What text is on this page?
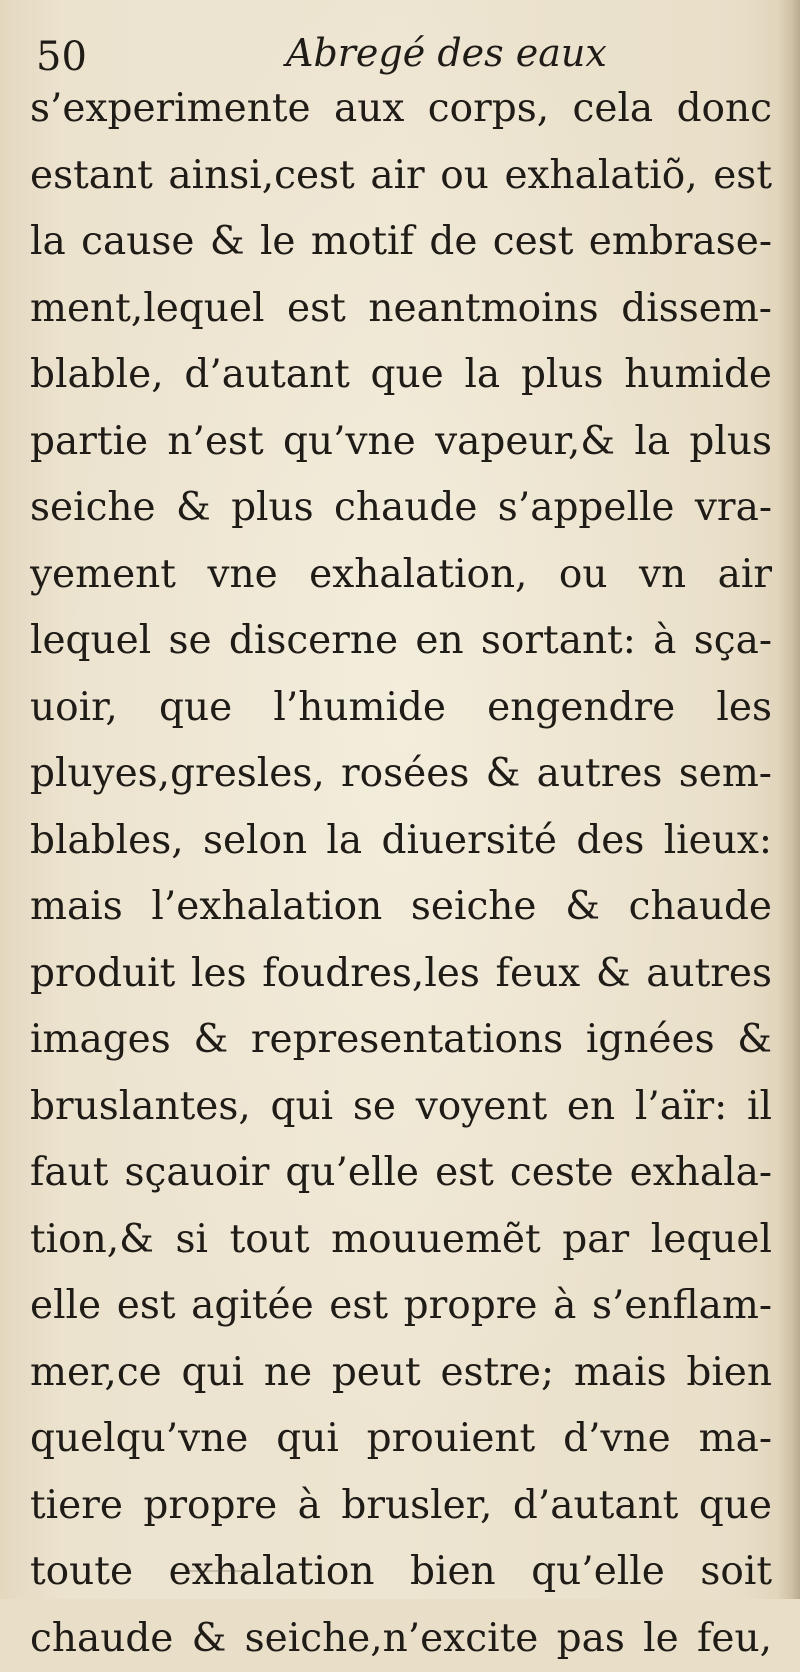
50	Abregé des eaux
s’experimente aux corps, cela donc
estant ainsi,cest air ou exhalatiõ, est
la cause & le motif de cest embrase-
ment,lequel est neantmoins dissem-
blable, d’autant que la plus humide
partie n’est qu’vne vapeur,& la plus
seiche & plus chaude s’appelle vra-
yement vne exhalation, ou vn air
lequel se discerne en sortant: à sça-
uoir, que l’humide engendre les
pluyes,gresles, rosées & autres sem-
blables, selon la diuersité des lieux:
mais l’exhalation seiche & chaude
produit les foudres,les feux & autres
images & representations ignées &
bruslantes, qui se voyent en l’aïr: il
faut sçauoir qu’elle est ceste exhala-
tion,& si tout mouuemẽt par lequel
elle est agitée est propre à s’enflam-
mer,ce qui ne peut estre; mais bien
quelqu’vne qui prouient d’vne ma-
tiere propre à brusler, d’autant que
toute exhalation bien qu’elle soit
chaude & seiche,n’excite pas le feu,
